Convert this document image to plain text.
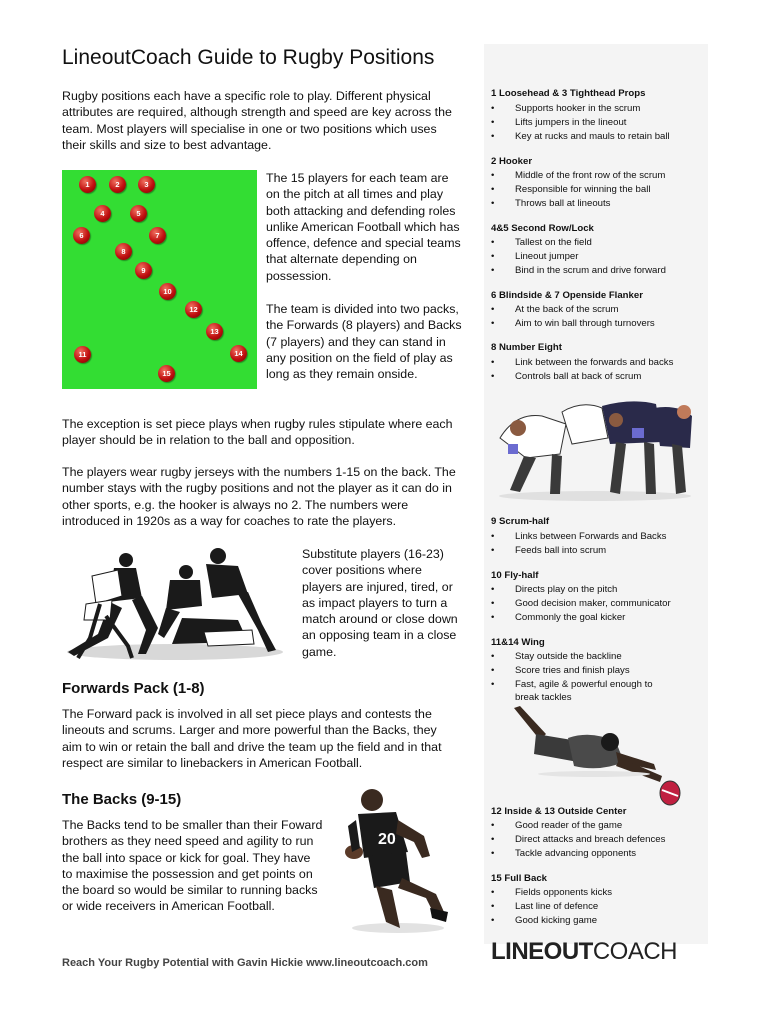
LineoutCoach Guide to Rugby Positions
Rugby positions each have a specific role to play. Different physical attributes are required, although strength and speed are key across the team. Most players will specialise in one or two positions which uses their skills and size to best advantage.
1	2	3
4	5
6	7
8
9
10
12
13
14
11
15
The 15 players for each team are on the pitch at all times and play both attacking and defending roles unlike American Football which has offence, defence and special teams that alternate depending on possession.
The team is divided into two packs, the Forwards (8 players) and Backs (7 players) and they can stand in any position on the field of play as long as they remain onside.
The exception is set piece plays when rugby rules stipulate where each player should be in relation to the ball and opposition.
The players wear rugby jerseys with the numbers 1-15 on the back. The number stays with the rugby positions and not the player as it can do in other sports, e.g. the hooker is always no 2. The numbers were introduced in 1920s as a way for coaches to rate the players.
Substitute players (16-23) cover positions where players are injured, tired, or as impact players to turn a match around or close down an opposing team in a close game.
Forwards Pack (1-8)
The Forward pack is involved in all set piece plays and contests the lineouts and scrums. Larger and more powerful than the Backs, they aim to win or retain the ball and drive the team up the field and in that respect are similar to linebackers in American Football.
The Backs (9-15)
The Backs tend to be smaller than their Foward brothers as they need speed and agility to run the ball into space or kick for goal. They have to maximise the possession and get points on the board so would be similar to running backs or wide receivers in American Football.
20
1 Loosehead & 3 Tighthead Props
• Supports hooker in the scrum
• Lifts jumpers in the lineout
• Key at rucks and mauls to retain ball
2 Hooker
• Middle of the front row of the scrum
• Responsible for winning the ball
• Throws ball at lineouts
4&5 Second Row/Lock
• Tallest on the field
• Lineout jumper
• Bind in the scrum and drive forward
6 Blindside & 7 Openside Flanker
• At the back of the scrum
• Aim to win ball through turnovers
8 Number Eight
• Link between the forwards and backs
• Controls ball at back of scrum
9 Scrum-half
• Links between Forwards and Backs
• Feeds ball into scrum
10 Fly-half
• Directs play on the pitch
• Good decision maker, communicator
• Commonly the goal kicker
11&14 Wing
• Stay outside the backline
• Score tries and finish plays
• Fast, agile & powerful enough to
break tackles
12 Inside & 13 Outside Center
• Good reader of the game
• Direct attacks and breach defences
• Tackle advancing opponents
15 Full Back
• Fields opponents kicks
• Last line of defence
• Good kicking game
Reach Your Rugby Potential with Gavin Hickie www.lineoutcoach.com	LINEOUTCOACH
